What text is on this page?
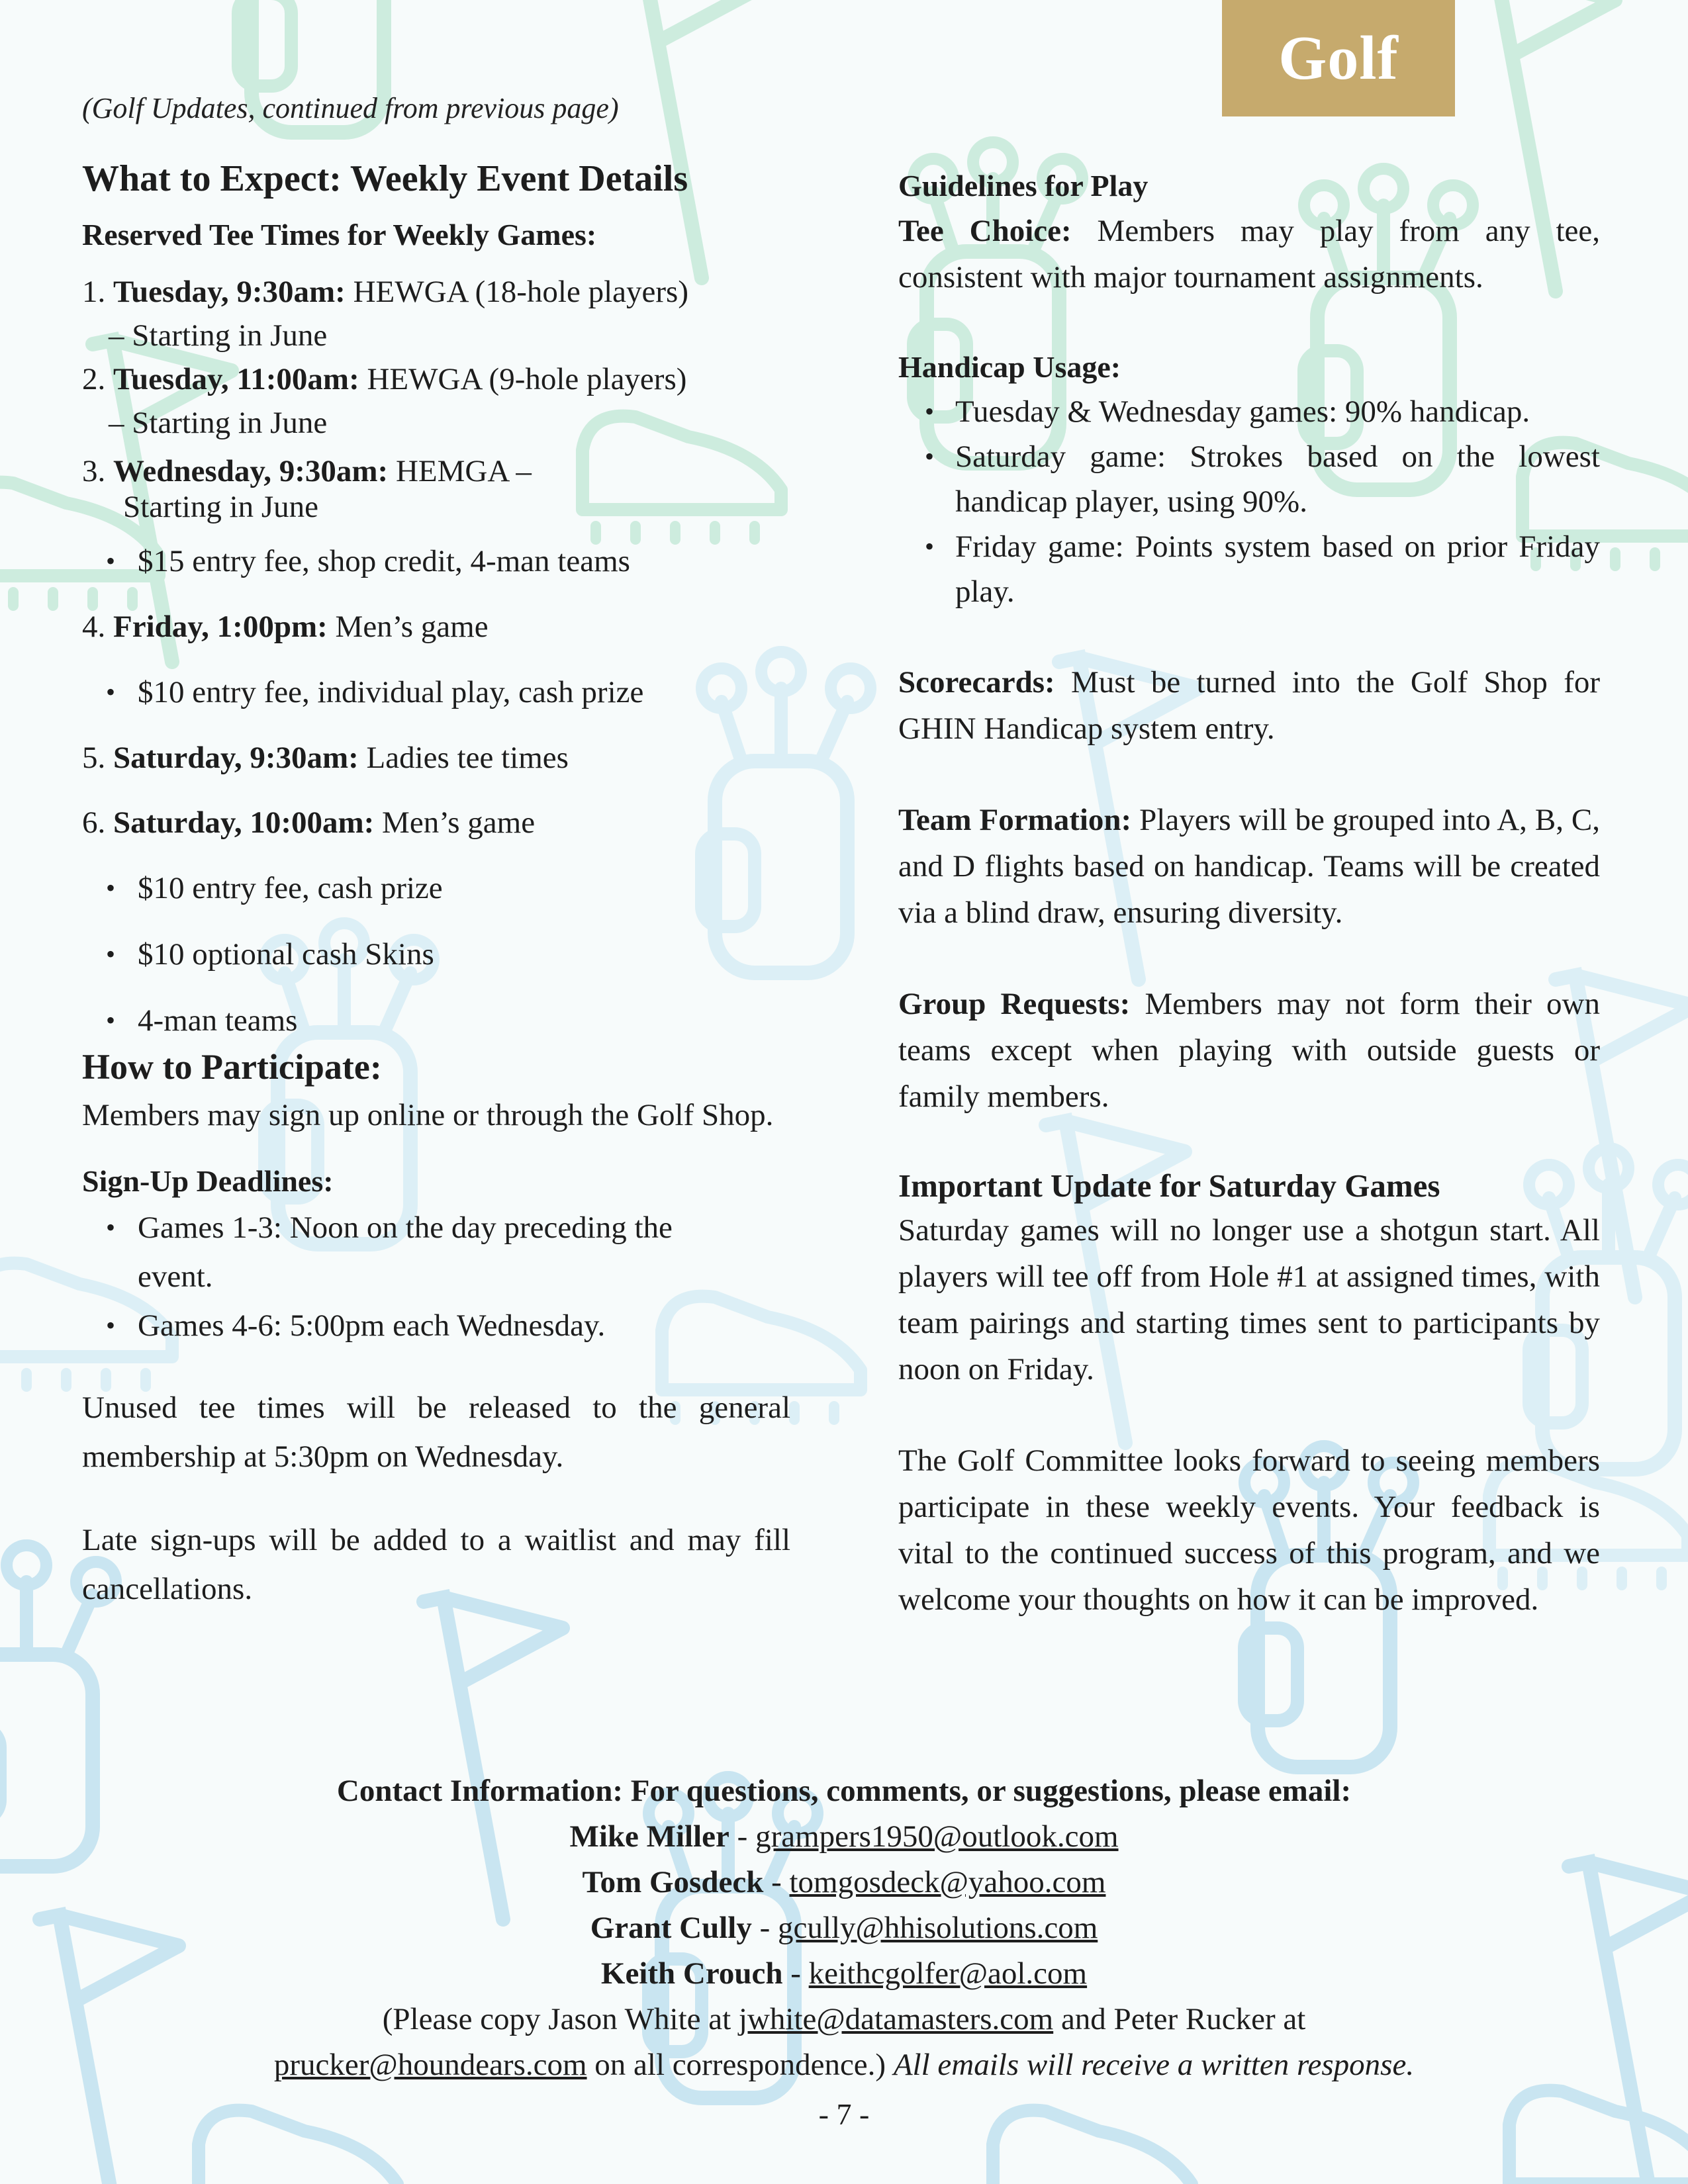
Golf
(Golf Updates, continued from previous page)

What to Expect: Weekly Event Details

Reserved Tee Times for Weekly Games:

1. Tuesday, 9:30am: HEWGA (18-hole players)

– Starting in June

2. Tuesday, 11:00am: HEWGA (9-hole players)

– Starting in June

3. Wednesday, 9:30am: HEMGA –

Starting in June

• $15 entry fee, shop credit, 4-man teams

4. Friday, 1:00pm: Men’s game

• $10 entry fee, individual play, cash prize

5. Saturday, 9:30am: Ladies tee times

6. Saturday, 10:00am: Men’s game

• $10 entry fee, cash prize
• $10 optional cash Skins
• 4-man teams

How to Participate:

Members may sign up online or through the Golf Shop.

Sign-Up Deadlines:

• Games 1-3: Noon on the day preceding the event.
• Games 4-6: 5:00pm each Wednesday.

Unused tee times will be released to the general membership at 5:30pm on Wednesday.

Late sign-ups will be added to a waitlist and may fill cancellations.

Guidelines for Play

Tee Choice: Members may play from any tee, consistent with major tournament assignments.

Handicap Usage:

• Tuesday & Wednesday games: 90% handicap.
• Saturday game: Strokes based on the lowest handicap player, using 90%.
• Friday game: Points system based on prior Friday play.

Scorecards: Must be turned into the Golf Shop for GHIN Handicap system entry.

Team Formation: Players will be grouped into A, B, C, and D flights based on handicap. Teams will be created via a blind draw, ensuring diversity.

Group Requests: Members may not form their own teams except when playing with outside guests or family members.

Important Update for Saturday Games

Saturday games will no longer use a shotgun start. All players will tee off from Hole #1 at assigned times, with team pairings and starting times sent to participants by noon on Friday.

The Golf Committee looks forward to seeing members participate in these weekly events. Your feedback is vital to the continued success of this program, and we welcome your thoughts on how it can be improved.

Contact Information: For questions, comments, or suggestions, please email:
Mike Miller - grampers1950@outlook.com
Tom Gosdeck - tomgosdeck@yahoo.com
Grant Cully - gcully@hhisolutions.com
Keith Crouch - keithcgolfer@aol.com
(Please copy Jason White at jwhite@datamasters.com and Peter Rucker at
prucker@houndears.com on all correspondence.) All emails will receive a written response.
- 7 -
